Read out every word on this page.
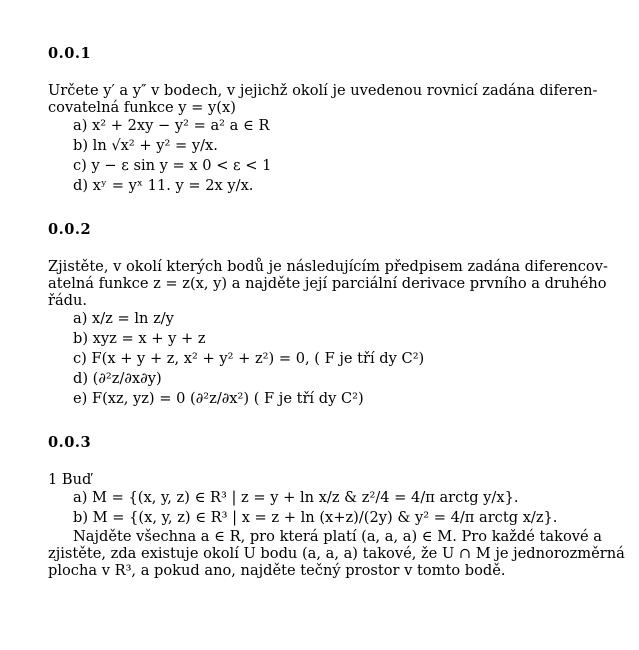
0.0.1
Určete y′ a y″ v bodech, v jejichž okolí je uvedenou rovnicí zadána diferen-
covatelná funkce y = y(x)
a) x² + 2xy − y² = a² a ∈ R
b) ln √x² + y² = y/x.
c) y − ε sin y = x 0 < ε < 1
d) xʸ = yˣ 11. y = 2x y/x.
0.0.2
Zjistěte, v okolí kterých bodů je následujícím předpisem zadána diferencov-
atelná funkce z = z(x, y) a najděte její parciální derivace prvního a druhého
řádu.
a) x/z = ln z/y
b) xyz = x + y + z
c) F(x + y + z, x² + y² + z²) = 0, ( F je tří dy C²)
d) (∂²z/∂x∂y)
e) F(xz, yz) = 0 (∂²z/∂x²) ( F je tří dy C²)
0.0.3
1 Buď
a) M = {(x, y, z) ∈ R³ | z = y + ln x/z & z²/4 = 4/π arctg y/x}.
b) M = {(x, y, z) ∈ R³ | x = z + ln (x+z)/(2y) & y² = 4/π arctg x/z}.
Najděte všechna a ∈ R, pro která platí (a, a, a) ∈ M. Pro každé takové a
zjistěte, zda existuje okolí U bodu (a, a, a) takové, že U ∩ M je jednorozměrná
plocha v R³, a pokud ano, najděte tečný prostor v tomto bodě.
